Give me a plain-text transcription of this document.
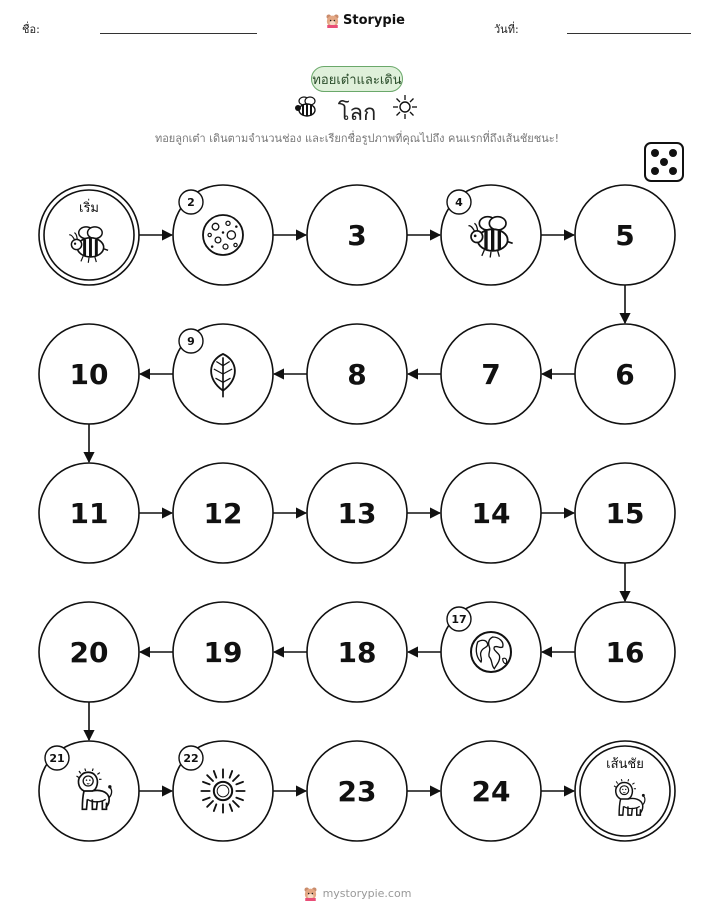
ชื่อ:
Storypie
วันที่:
ทอยเต๋าและเดิน
โลก
ทอยลูกเต๋า เดินตามจำนวนช่อง และเรียกชื่อรูปภาพที่คุณไปถึง คนแรกที่ถึงเส้นชัยชนะ!
เริ่ม	2
3
4
5
6
7
8
9
10
11	12	13	14	15
16
17
18
19
20
21	22
23	24
เส้นชัย
mystorypie.com
